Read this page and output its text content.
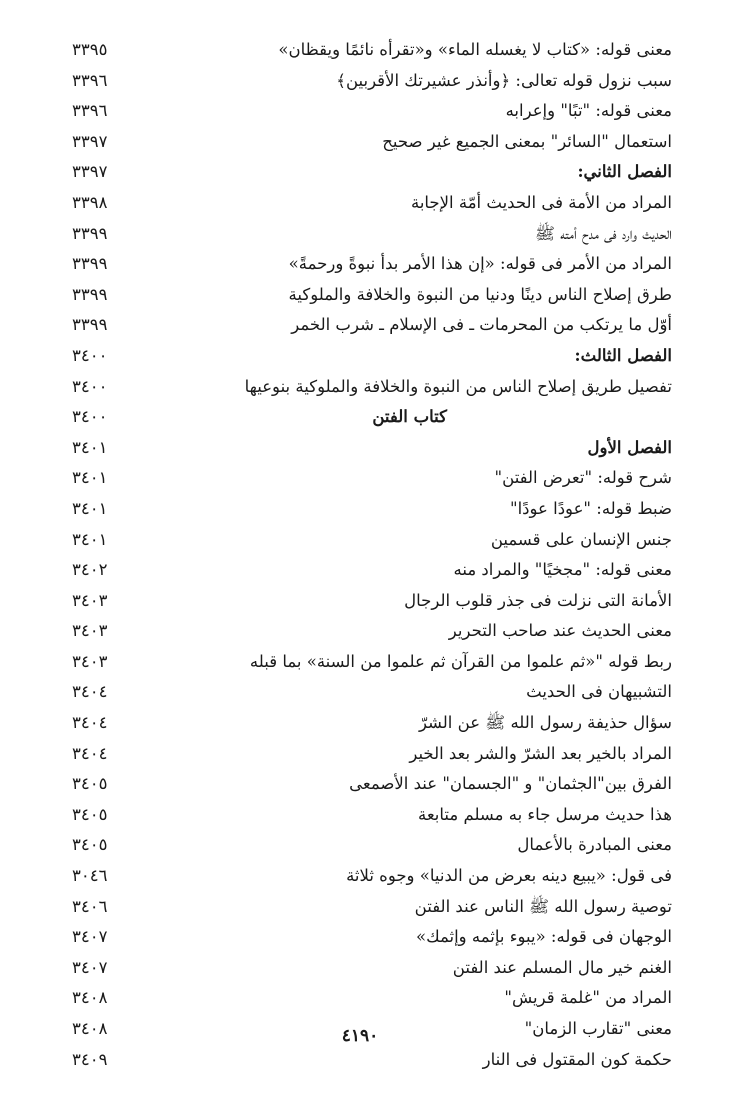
معنى قوله: «كتاب لا يغسله الماء» و«تقرأه نائمًا ويقظان»
٣٣٩٥
سبب نزول قوله تعالى: ﴿وأنذر عشيرتك الأقربين﴾
٣٣٩٦
معنى قوله: "تبًا" وإعرابه
٣٣٩٦
استعمال "السائر" بمعنى الجميع غير صحيح
٣٣٩٧
الفصل الثاني:
٣٣٩٧
المراد من الأمة فى الحديث أمّة الإجابة
٣٣٩٨
الحديث وارد فى مدح أمته ﷺ
٣٣٩٩
المراد من الأمر فى قوله: «إن هذا الأمر بدأ نبوةً ورحمةً»
٣٣٩٩
طرق إصلاح الناس دينًا ودنيا من النبوة والخلافة والملوكية
٣٣٩٩
أوّل ما يرتكب من المحرمات ـ فى الإسلام ـ شرب الخمر
٣٣٩٩
الفصل الثالث:
٣٤٠٠
تفصيل طريق إصلاح الناس من النبوة والخلافة والملوكية بنوعيها
٣٤٠٠
كتاب الفتن
٣٤٠٠
الفصل الأول
٣٤٠١
شرح قوله: "تعرض الفتن"
٣٤٠١
ضبط قوله: "عودًا عودًا"
٣٤٠١
جنس الإنسان على قسمين
٣٤٠١
معنى قوله: "مجخيًا" والمراد منه
٣٤٠٢
الأمانة التى نزلت فى جذر قلوب الرجال
٣٤٠٣
معنى الحديث عند صاحب التحرير
٣٤٠٣
ربط قوله "«ثم علموا من القرآن ثم علموا من السنة» بما قبله
٣٤٠٣
التشبيهان فى الحديث
٣٤٠٤
سؤال حذيفة رسول الله ﷺ عن الشرّ
٣٤٠٤
المراد بالخير بعد الشرّ والشر بعد الخير
٣٤٠٤
الفرق بين"الجثمان" و "الجسمان" عند الأصمعى
٣٤٠٥
هذا حديث مرسل جاء به مسلم متابعة
٣٤٠٥
معنى المبادرة بالأعمال
٣٤٠٥
فى قول: «يبيع دينه بعرض من الدنيا» وجوه ثلاثة
٣٠٤٦
توصية رسول الله ﷺ الناس عند الفتن
٣٤٠٦
الوجهان فى قوله: «يبوء بإثمه وإثمك»
٣٤٠٧
الغنم خير مال المسلم عند الفتن
٣٤٠٧
المراد من "غلمة قريش"
٣٤٠٨
معنى "تقارب الزمان"
٣٤٠٨
حكمة كون المقتول فى النار
٣٤٠٩
٤١٩٠
